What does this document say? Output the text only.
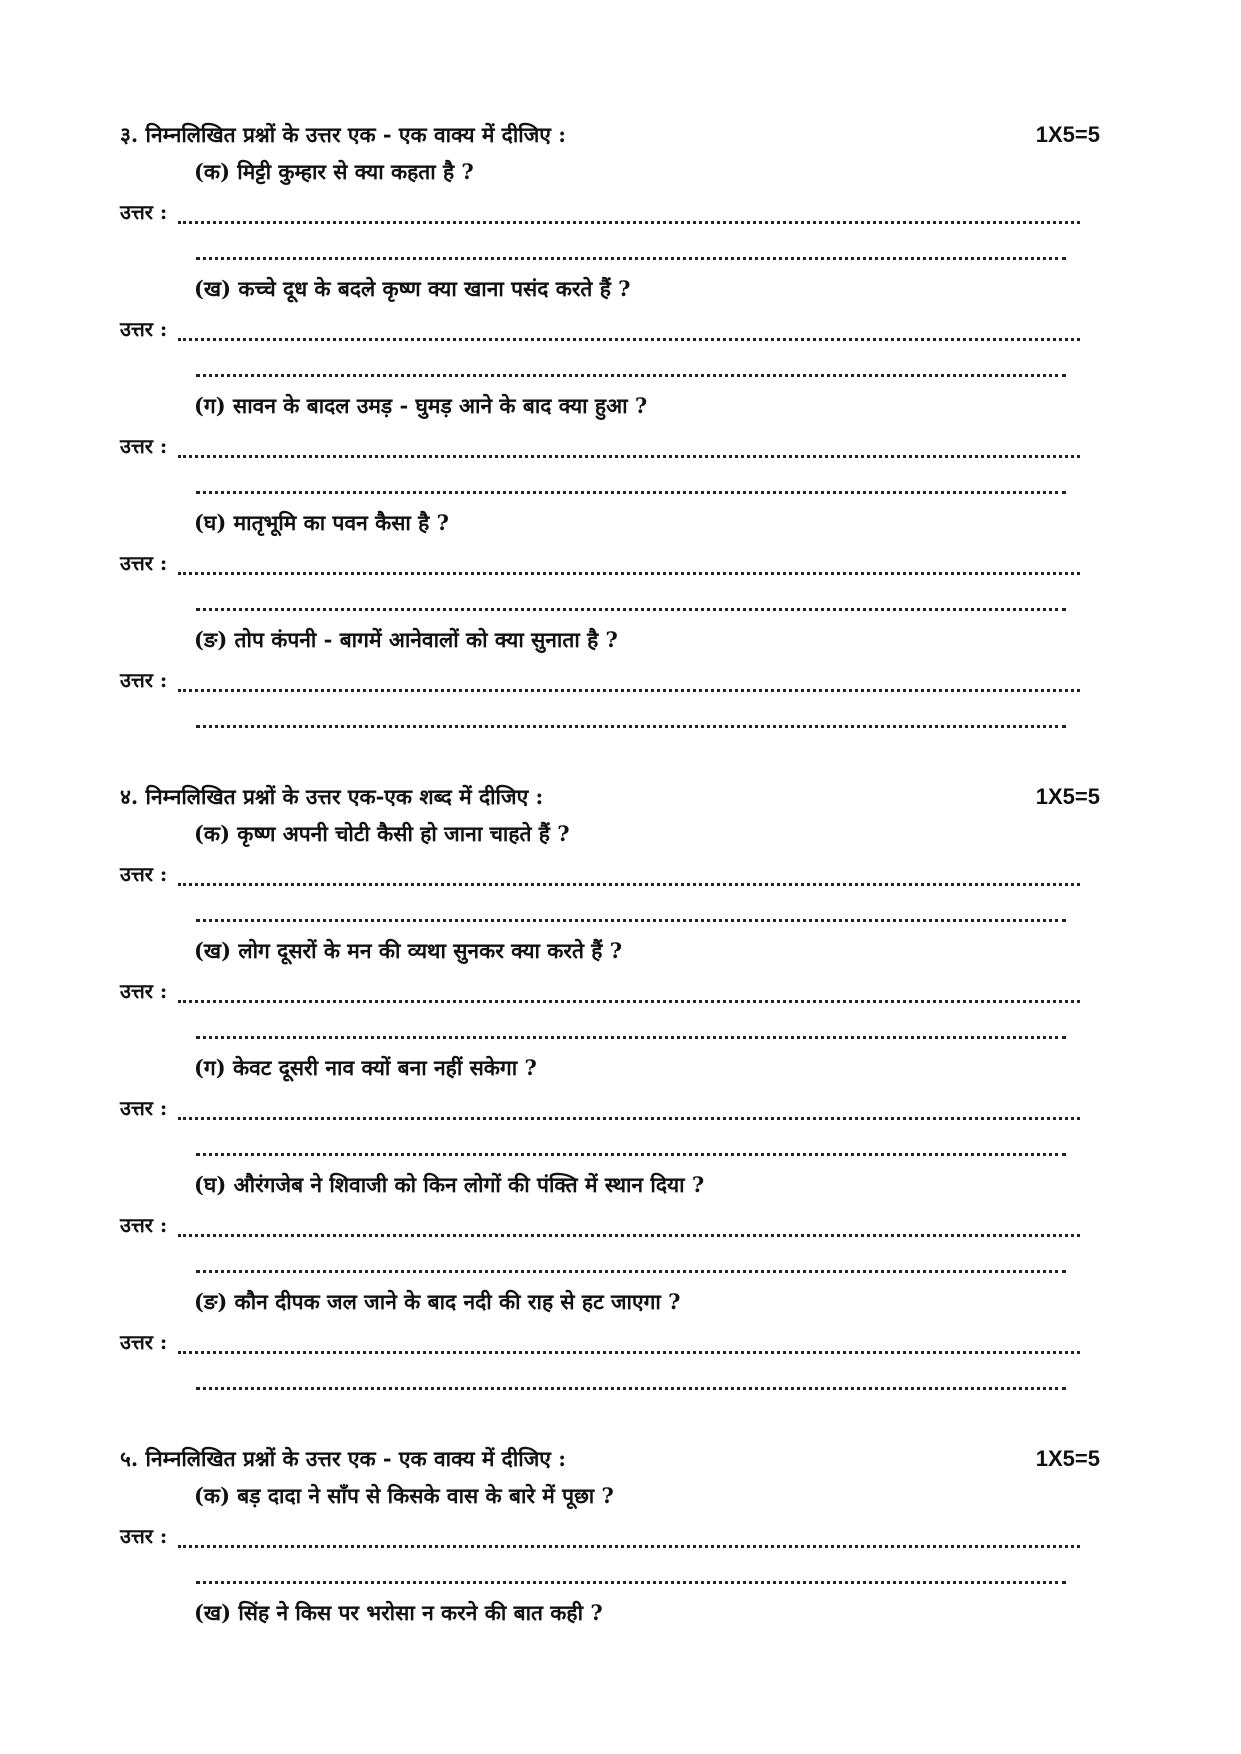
३. निम्नलिखित प्रश्नों के उत्तर एक - एक वाक्य में दीजिए :	1X5=5
(क) मिट्टी कुम्हार से क्या कहता है ?
उत्तर :
(ख) कच्चे दूध के बदले कृष्ण क्या खाना पसंद करते हैं ?
उत्तर :
(ग) सावन के बादल उमड़ - घुमड़ आने के बाद क्या हुआ ?
उत्तर :
(घ) मातृभूमि का पवन कैसा है ?
उत्तर :
(ङ) तोप कंपनी - बागमें आनेवालों को क्या सुनाता है ?
उत्तर :
४. निम्नलिखित प्रश्नों के उत्तर एक-एक शब्द में दीजिए :	1X5=5
(क) कृष्ण अपनी चोटी कैसी हो जाना चाहते हैं ?
उत्तर :
(ख) लोग दूसरों के मन की व्यथा सुनकर क्या करते हैं ?
उत्तर :
(ग) केवट दूसरी नाव क्यों बना नहीं सकेगा ?
उत्तर :
(घ) औरंगजेब ने शिवाजी को किन लोगों की पंक्ति में स्थान दिया ?
उत्तर :
(ङ) कौन दीपक जल जाने के बाद नदी की राह से हट जाएगा ?
उत्तर :
५. निम्नलिखित प्रश्नों के उत्तर एक - एक वाक्य में दीजिए :	1X5=5
(क) बड़ दादा ने साँप से किसके वास के बारे में पूछा ?
उत्तर :
(ख) सिंह ने किस पर भरोसा न करने की बात कही ?
